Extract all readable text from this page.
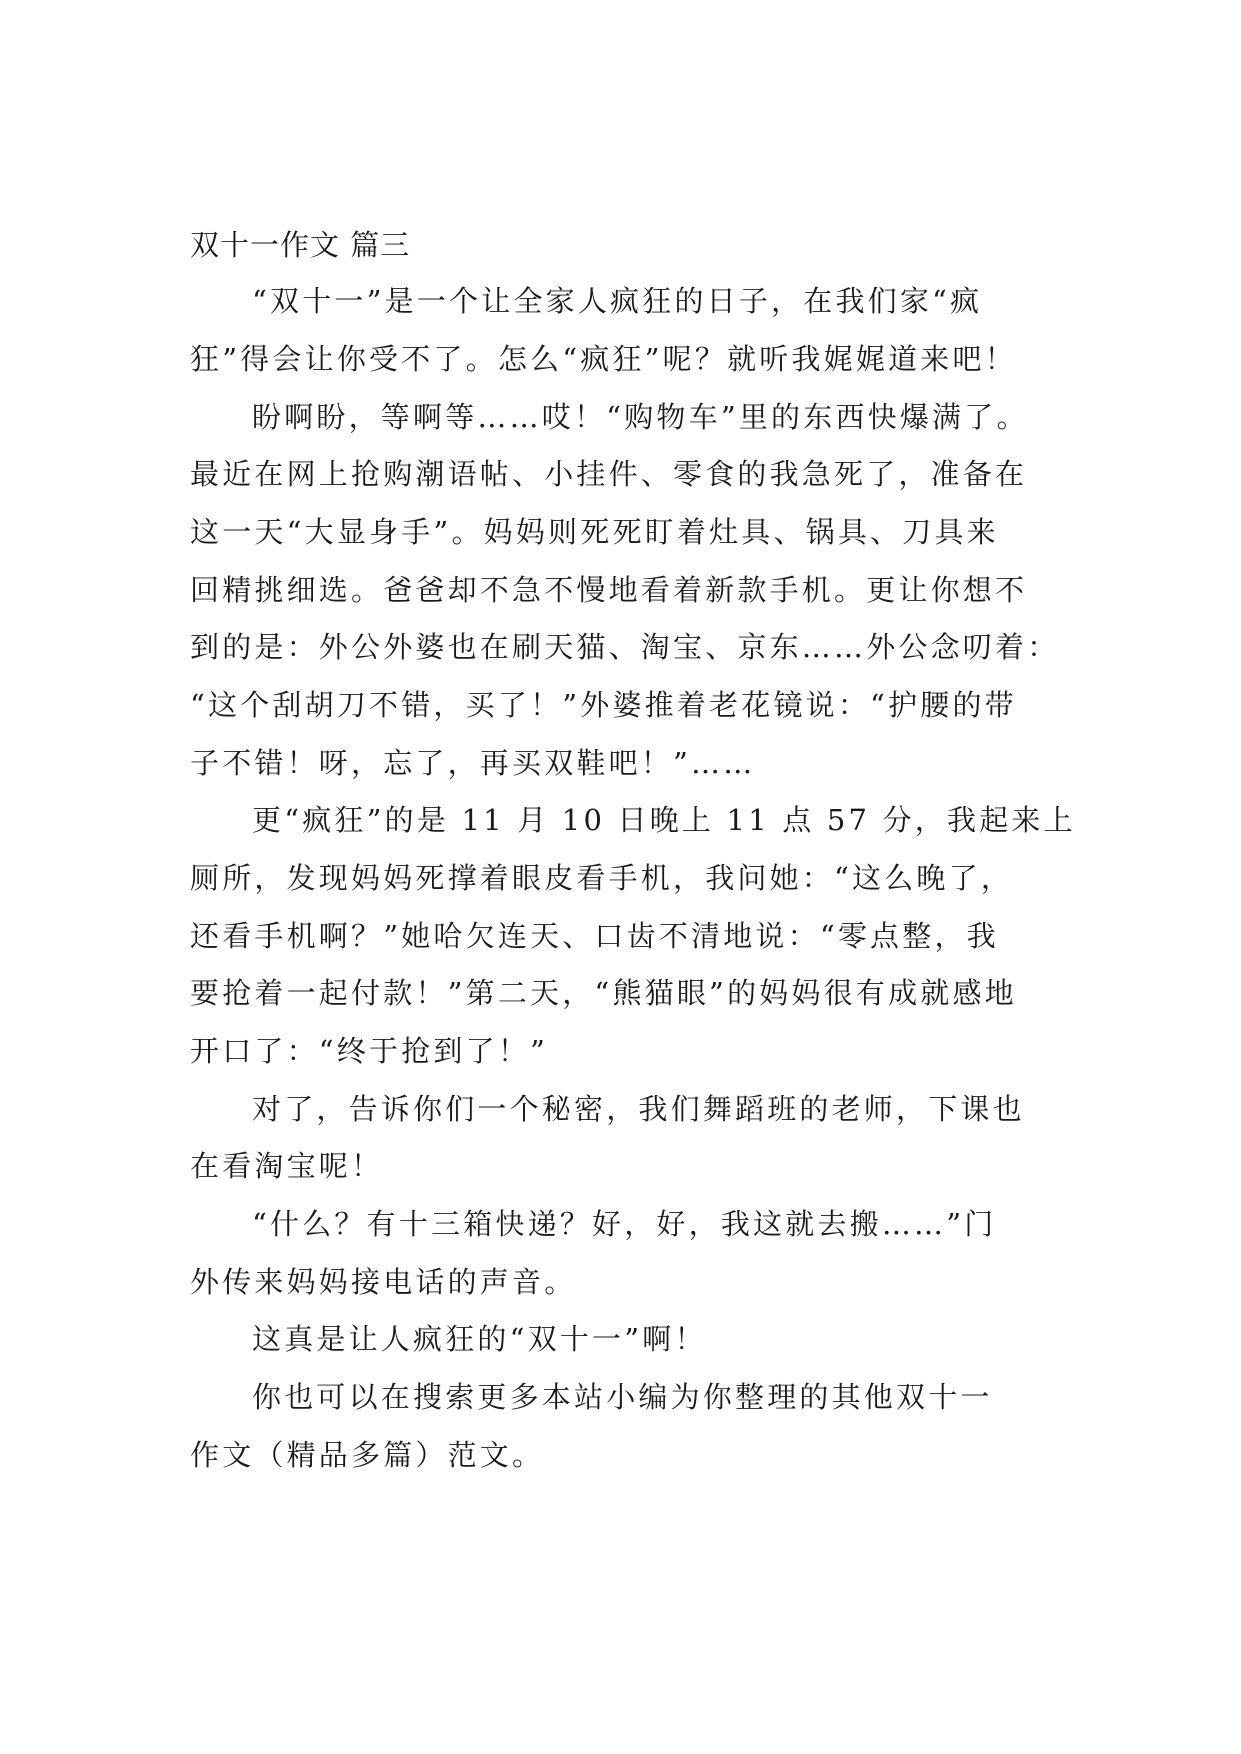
双十一作文 篇三
“双十一”是一个让全家人疯狂的日子，在我们家“疯
狂”得会让你受不了。怎么“疯狂”呢？就听我娓娓道来吧！
盼啊盼，等啊等……哎！“购物车”里的东西快爆满了。
最近在网上抢购潮语帖、小挂件、零食的我急死了，准备在
这一天“大显身手”。妈妈则死死盯着灶具、锅具、刀具来
回精挑细选。爸爸却不急不慢地看着新款手机。更让你想不
到的是：外公外婆也在刷天猫、淘宝、京东……外公念叨着：
“这个刮胡刀不错，买了！”外婆推着老花镜说：“护腰的带
子不错！呀，忘了，再买双鞋吧！”……
更“疯狂”的是 11 月 10 日晚上 11 点 57 分，我起来上
厕所，发现妈妈死撑着眼皮看手机，我问她：“这么晚了，
还看手机啊？”她哈欠连天、口齿不清地说：“零点整，我
要抢着一起付款！”第二天，“熊猫眼”的妈妈很有成就感地
开口了：“终于抢到了！”
对了，告诉你们一个秘密，我们舞蹈班的老师，下课也
在看淘宝呢！
“什么？有十三箱快递？好，好，我这就去搬……”门
外传来妈妈接电话的声音。
这真是让人疯狂的“双十一”啊！
你也可以在搜索更多本站小编为你整理的其他双十一
作文（精品多篇）范文。
